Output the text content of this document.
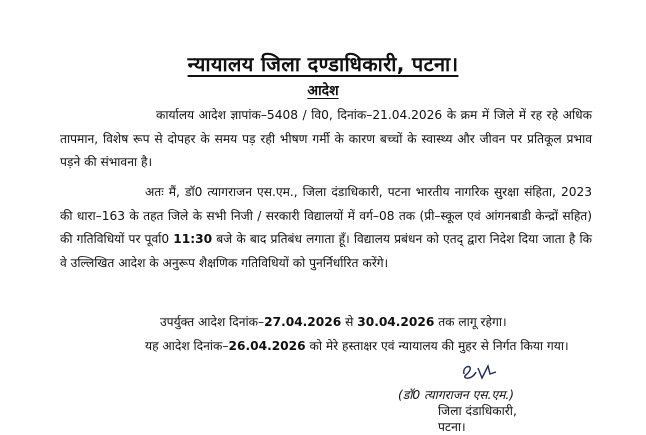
न्यायालय जिला दण्डाधिकारी, पटना।
आदेश

कार्यालय आदेश ज्ञापांक–5408 / वि0, दिनांक–21.04.2026 के क्रम में जिले में रह रहे अधिक तापमान, विशेष रूप से दोपहर के समय पड़ रही भीषण गर्मी के कारण बच्चों के स्वास्थ्य और जीवन पर प्रतिकूल प्रभाव पड़ने की संभावना है।

अतः मैं, डॉ0 त्यागराजन एस.एम., जिला दंडाधिकारी, पटना भारतीय नागरिक सुरक्षा संहिता, 2023 की धारा–163 के तहत जिले के सभी निजी / सरकारी विद्यालयों में वर्ग–08 तक (प्री–स्कूल एवं आंगनबाडी केन्द्रों सहित) की गतिविधियों पर पूर्वा0 11:30 बजे के बाद प्रतिबंध लगाता हूँ। विद्यालय प्रबंधन को एतद् द्वारा निदेश दिया जाता है कि वे उल्लिखित आदेश के अनुरूप शैक्षणिक गतिविधियों को पुनर्निर्धारित करेंगे।

उपर्युक्त आदेश दिनांक–27.04.2026 से 30.04.2026 तक लागू रहेगा।

यह आदेश दिनांक–26.04.2026 को मेरे हस्ताक्षर एवं न्यायालय की मुहर से निर्गत किया गया।

(डॉ0 त्यागराजन एस.एम.)
जिला दंडाधिकारी,
पटना।
